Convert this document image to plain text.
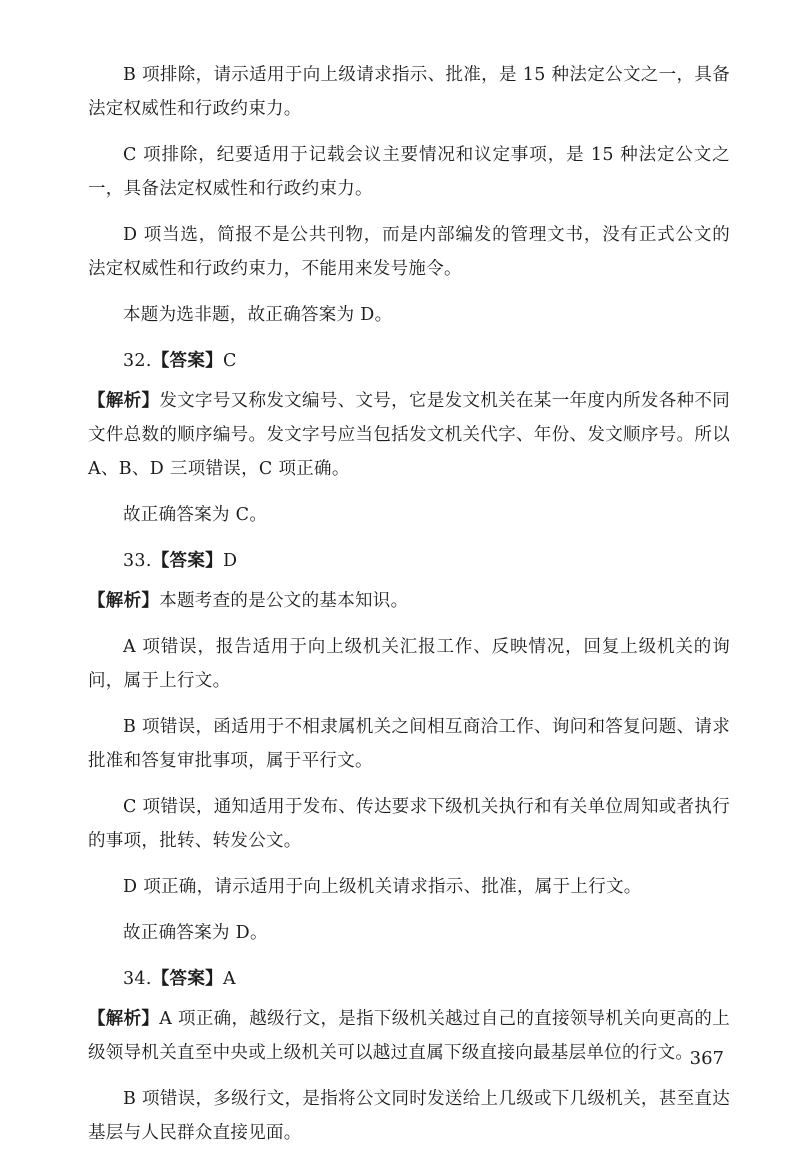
B 项排除，请示适用于向上级请求指示、批准，是 15 种法定公文之一，具备法定权威性和行政约束力。

C 项排除，纪要适用于记载会议主要情况和议定事项，是 15 种法定公文之一，具备法定权威性和行政约束力。

D 项当选，简报不是公共刊物，而是内部编发的管理文书，没有正式公文的法定权威性和行政约束力，不能用来发号施令。

本题为选非题，故正确答案为 D。

32.【答案】C

【解析】发文字号又称发文编号、文号，它是发文机关在某一年度内所发各种不同文件总数的顺序编号。发文字号应当包括发文机关代字、年份、发文顺序号。所以 A、B、D 三项错误，C 项正确。

故正确答案为 C。

33.【答案】D

【解析】本题考查的是公文的基本知识。

A 项错误，报告适用于向上级机关汇报工作、反映情况，回复上级机关的询问，属于上行文。

B 项错误，函适用于不相隶属机关之间相互商洽工作、询问和答复问题、请求批准和答复审批事项，属于平行文。

C 项错误，通知适用于发布、传达要求下级机关执行和有关单位周知或者执行的事项，批转、转发公文。

D 项正确，请示适用于向上级机关请求指示、批准，属于上行文。

故正确答案为 D。

34.【答案】A

【解析】A 项正确，越级行文，是指下级机关越过自己的直接领导机关向更高的上级领导机关直至中央或上级机关可以越过直属下级直接向最基层单位的行文。

B 项错误，多级行文，是指将公文同时发送给上几级或下几级机关，甚至直达基层与人民群众直接见面。

367
